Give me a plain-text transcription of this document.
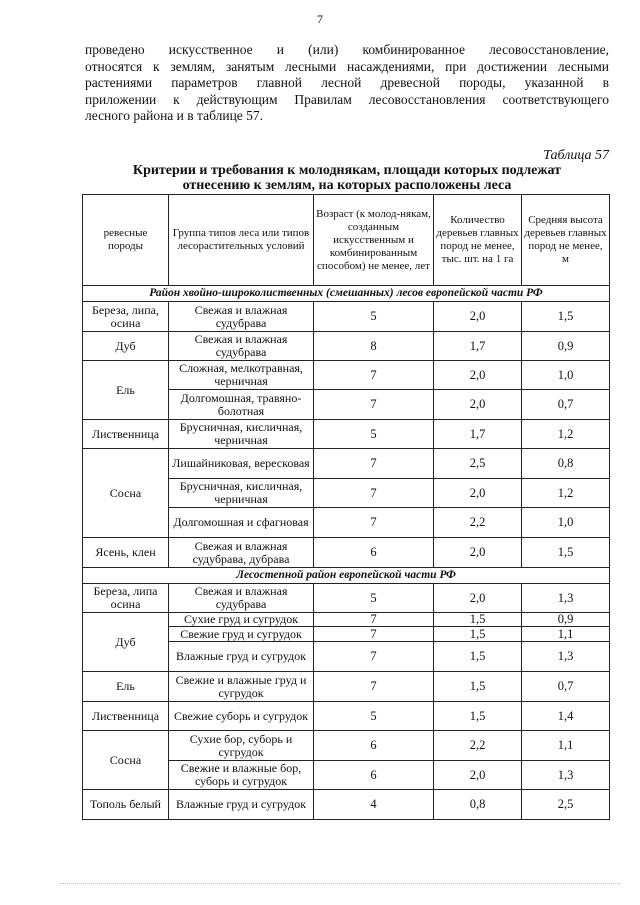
7
проведено искусственное и (или) комбинированное лесовосстановление,
относятся к землям, занятым лесными насаждениями, при достижении лесными
растениями параметров главной лесной древесной породы, указанной в
приложении к действующим Правилам лесовосстановления соответствующего
лесного района и в таблице 57.
Таблица 57
Критерии и требования к молоднякам, площади которых подлежат
отнесению к землям, на которых расположены леса
ревесные породы	Группа типов леса или типов лесорастительных условий	Возраст (к молод-някам, созданным искусственным и комбинированным способом) не менее, лет	Количество деревьев главных пород не менее, тыс. шт. на 1 га	Средняя высота деревьев главных пород не менее, м
Район хвойно-широколиственных (смешанных) лесов европейской части РФ				
Береза, липа, осина	Свежая и влажная судубрава	5	2,0	1,5
Дуб	Свежая и влажная судубрава	8	1,7	0,9
Ель	Сложная, мелкотравная, черничная	7	2,0	1,0
	Долгомошная, травяно-болотная	7	2,0	0,7
Лиственница	Брусничная, кисличная, черничная	5	1,7	1,2
Сосна	Лишайниковая, вересковая	7	2,5	0,8
	Брусничная, кисличная, черничная	7	2,0	1,2
	Долгомошная и сфагновая	7	2,2	1,0
Ясень, клен	Свежая и влажная судубрава, дубрава	6	2,0	1,5
Лесостепной район европейской части РФ				
Береза, липа осина	Свежая и влажная судубрава	5	2,0	1,3
Дуб	Сухие груд и сугрудок	7	1,5	0,9
	Свежие груд и сугрудок	7	1,5	1,1
	Влажные груд и сугрудок	7	1,5	1,3
Ель	Свежие и влажные груд и сугрудок	7	1,5	0,7
Лиственница	Свежие суборь и сугрудок	5	1,5	1,4
Сосна	Сухие бор, суборь и сугрудок	6	2,2	1,1
	Свежие и влажные бор, суборь и сугрудок	6	2,0	1,3
Тополь белый	Влажные груд и сугрудок	4	0,8	2,5
